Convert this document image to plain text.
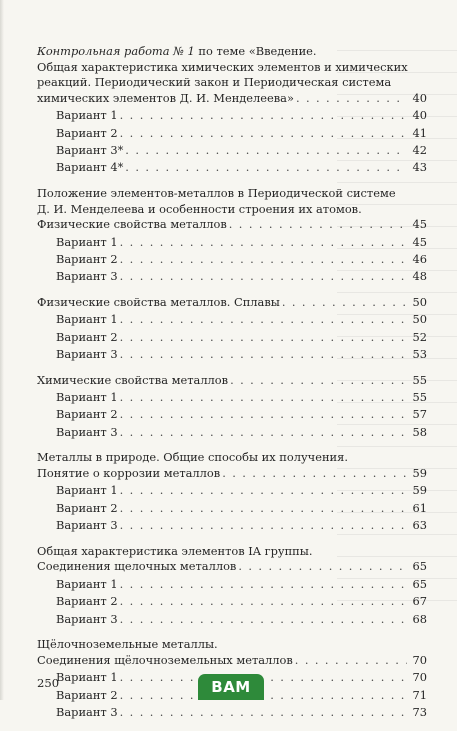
Контрольная работа № 1 по теме «Введение.
Общая характеристика химических элементов и химических
реакций. Периодический закон и Периодическая система
химических элементов Д. И. Менделеева» . . .	40
Вариант 1 . . .	40
Вариант 2 . . .	41
Вариант 3* . . .	42
Вариант 4* . . .	43
Положение элементов-металлов в Периодической системе
Д. И. Менделеева и особенности строения их атомов.
Физические свойства металлов . . .	45
Вариант 1 . . .	45
Вариант 2 . . .	46
Вариант 3 . . .	48
Физические свойства металлов. Сплавы . . .	50
Вариант 1 . . .	50
Вариант 2 . . .	52
Вариант 3 . . .	53
Химические свойства металлов . . .	55
Вариант 1 . . .	55
Вариант 2 . . .	57
Вариант 3 . . .	58
Металлы в природе. Общие способы их получения.
Понятие о коррозии металлов . . .	59
Вариант 1 . . .	59
Вариант 2 . . .	61
Вариант 3 . . .	63
Общая характеристика элементов IA группы.
Соединения щелочных металлов . . .	65
Вариант 1 . . .	65
Вариант 2 . . .	67
Вариант 3 . . .	68
Щёлочноземельные металлы.
Соединения щёлочноземельных металлов . . .	70
Вариант 1 . . .	70
Вариант 2 . . .	71
Вариант 3 . . .	73
250	BAM
